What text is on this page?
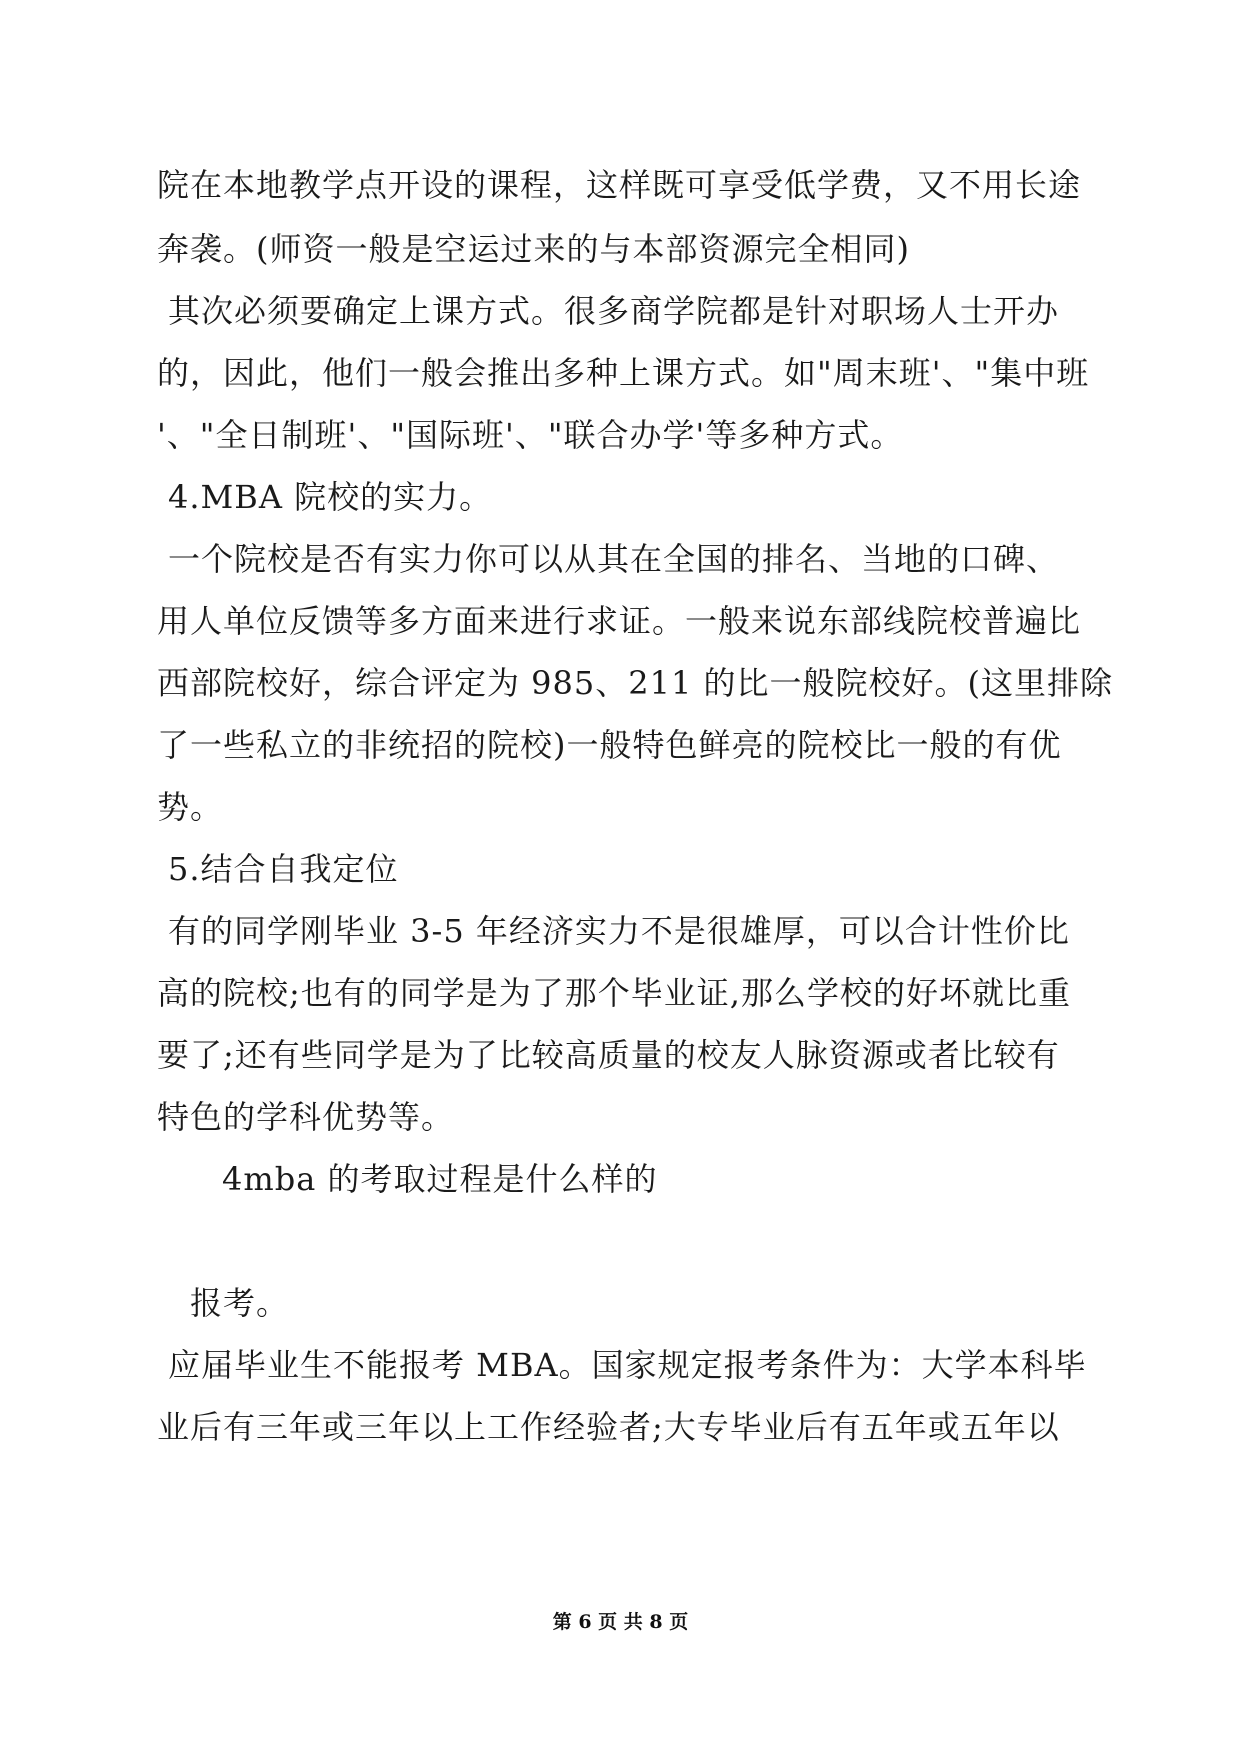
院在本地教学点开设的课程，这样既可享受低学费，又不用长途
奔袭。(师资一般是空运过来的与本部资源完全相同)
其次必须要确定上课方式。很多商学院都是针对职场人士开办
的，因此，他们一般会推出多种上课方式。如"周末班'、"集中班
'、"全日制班'、"国际班'、"联合办学'等多种方式。
4.MBA 院校的实力。
一个院校是否有实力你可以从其在全国的排名、当地的口碑、
用人单位反馈等多方面来进行求证。一般来说东部线院校普遍比
西部院校好，综合评定为 985、211 的比一般院校好。(这里排除
了一些私立的非统招的院校)一般特色鲜亮的院校比一般的有优
势。
5.结合自我定位
有的同学刚毕业 3-5 年经济实力不是很雄厚，可以合计性价比
高的院校;也有的同学是为了那个毕业证,那么学校的好坏就比重
要了;还有些同学是为了比较高质量的校友人脉资源或者比较有
特色的学科优势等。
4mba 的考取过程是什么样的
报考。
应届毕业生不能报考 MBA。国家规定报考条件为：大学本科毕
业后有三年或三年以上工作经验者;大专毕业后有五年或五年以
第 6 页 共 8 页
